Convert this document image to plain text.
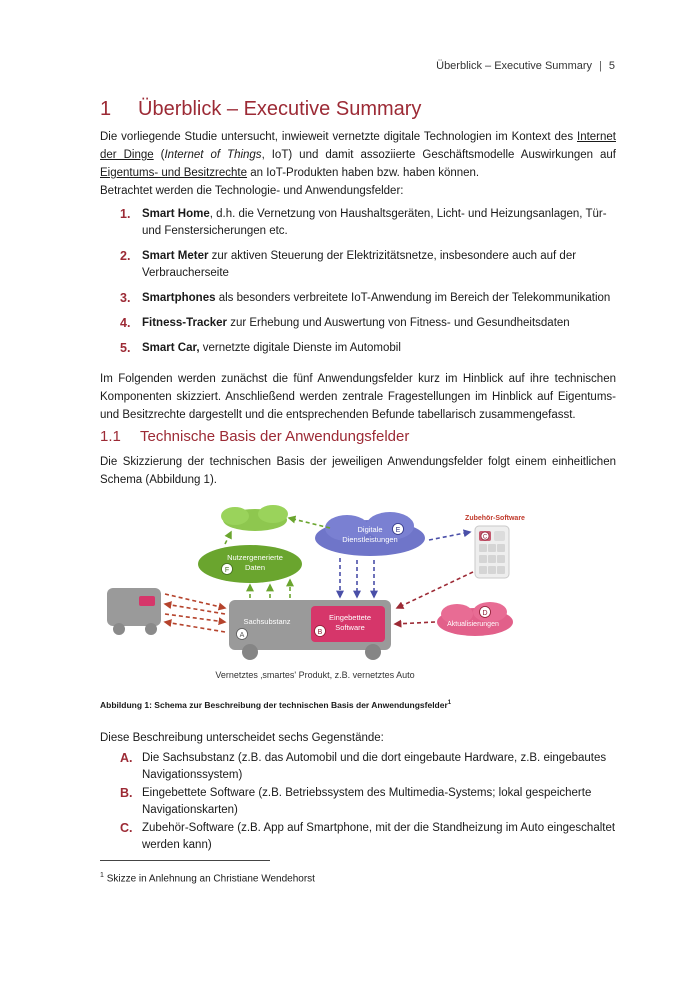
Überblick – Executive Summary | 5
1 Überblick – Executive Summary
Die vorliegende Studie untersucht, inwieweit vernetzte digitale Technologien im Kontext des Internet der Dinge (Internet of Things, IoT) und damit assoziierte Geschäftsmodelle Auswirkungen auf Eigentums- und Besitzrechte an IoT-Produkten haben bzw. haben können.
Betrachtet werden die Technologie- und Anwendungsfelder:
1. Smart Home, d.h. die Vernetzung von Haushaltsgeräten, Licht- und Heizungsanlagen, Tür- und Fenstersicherungen etc.
2. Smart Meter zur aktiven Steuerung der Elektrizitätsnetze, insbesondere auch auf der Verbraucherseite
3. Smartphones als besonders verbreitete IoT-Anwendung im Bereich der Telekommunikation
4. Fitness-Tracker zur Erhebung und Auswertung von Fitness- und Gesundheitsdaten
5. Smart Car, vernetzte digitale Dienste im Automobil
Im Folgenden werden zunächst die fünf Anwendungsfelder kurz im Hinblick auf ihre technischen Komponenten skizziert. Anschließend werden zentrale Fragestellungen im Hinblick auf Eigentums- und Besitzrechte dargestellt und die entsprechenden Befunde tabellarisch zusammengefasst.
1.1 Technische Basis der Anwendungsfelder
Die Skizzierung der technischen Basis der jeweiligen Anwendungsfelder folgt einem einheitlichen Schema (Abbildung 1).
Nutzergenerierte
Daten
F
Digitale
Dienstleistungen
E
Zubehör-Software
C
Sachsubstanz
A
Eingebettete
Software
B
Aktualisierungen
D
Vernetztes ‚smartes' Produkt, z.B. vernetztes Auto
Abbildung 1: Schema zur Beschreibung der technischen Basis der Anwendungsfelder$^1$
Diese Beschreibung unterscheidet sechs Gegenstände:
A. Die Sachsubstanz (z.B. das Automobil und die dort eingebaute Hardware, z.B. eingebautes Navigationssystem)
B. Eingebettete Software (z.B. Betriebssystem des Multimedia-Systems; lokal gespeicherte Navigationskarten)
C. Zubehör-Software (z.B. App auf Smartphone, mit der die Standheizung im Auto eingeschaltet werden kann)
$^1$ Skizze in Anlehnung an Christiane Wendehorst
